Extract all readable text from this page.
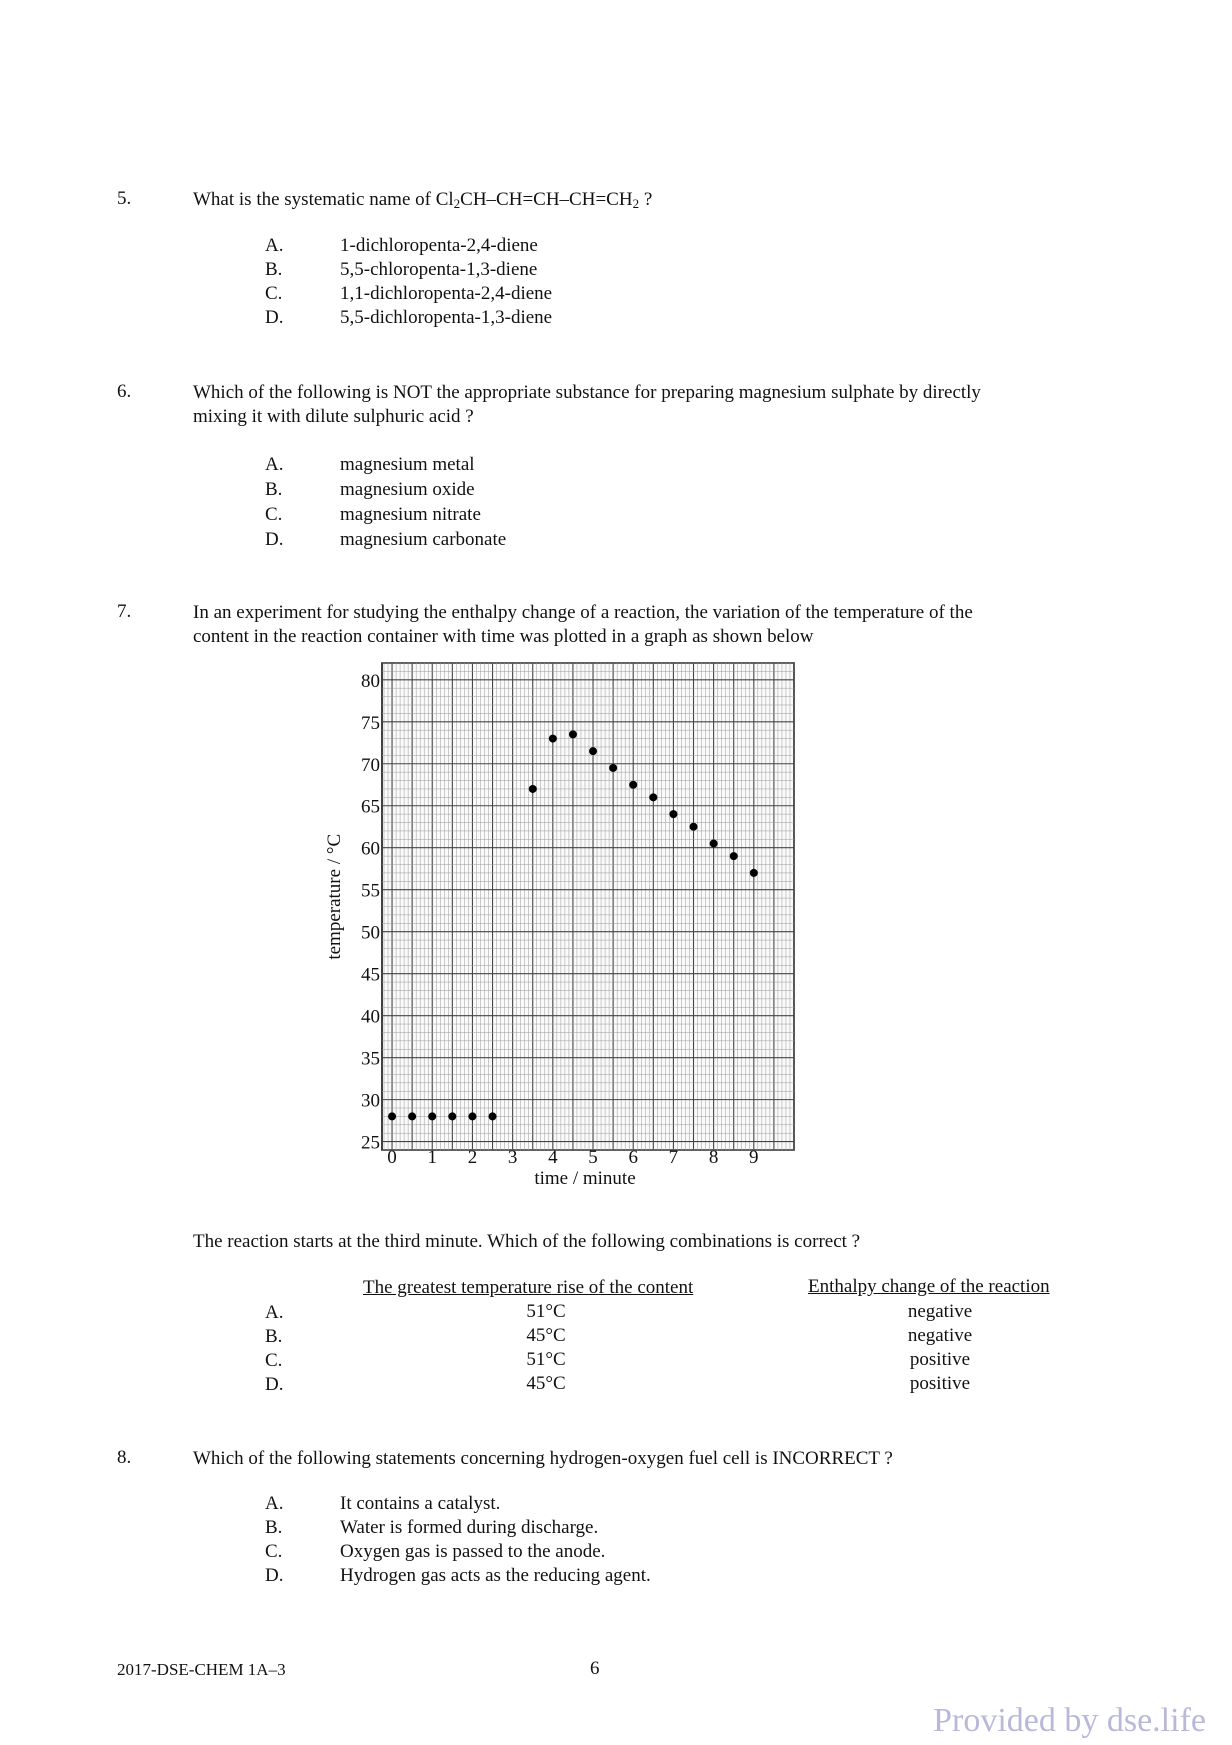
5.	What is the systematic name of $Cl_2CH-CH=CH-CH=CH_2$ ?
A.	1-dichloropenta-2,4-diene
B.	5,5-chloropenta-1,3-diene
C.	1,1-dichloropenta-2,4-diene
D.	5,5-dichloropenta-1,3-diene
6.	Which of the following is NOT the appropriate substance for preparing magnesium sulphate by directly
mixing it with dilute sulphuric acid ?
A.	magnesium metal
B.	magnesium oxide
C.	magnesium nitrate
D.	magnesium carbonate
7.	In an experiment for studying the enthalpy change of a reaction, the variation of the temperature of the
content in the reaction container with time was plotted in a graph as shown below
25
30
35
40
45
50
55
60
65
70
75
80
0 1 2 3 4 5 6 7 8 9
time / minute
temperature / °C
The reaction starts at the third minute. Which of the following combinations is correct ?
The greatest temperature rise of the content	Enthalpy change of the reaction
A.	51°C	negative
B.	45°C	negative
C.	51°C	positive
D.	45°C	positive
8.	Which of the following statements concerning hydrogen-oxygen fuel cell is INCORRECT ?
A.	It contains a catalyst.
B.	Water is formed during discharge.
C.	Oxygen gas is passed to the anode.
D.	Hydrogen gas acts as the reducing agent.
2017-DSE-CHEM 1A–3	6
Provided by dse.life
